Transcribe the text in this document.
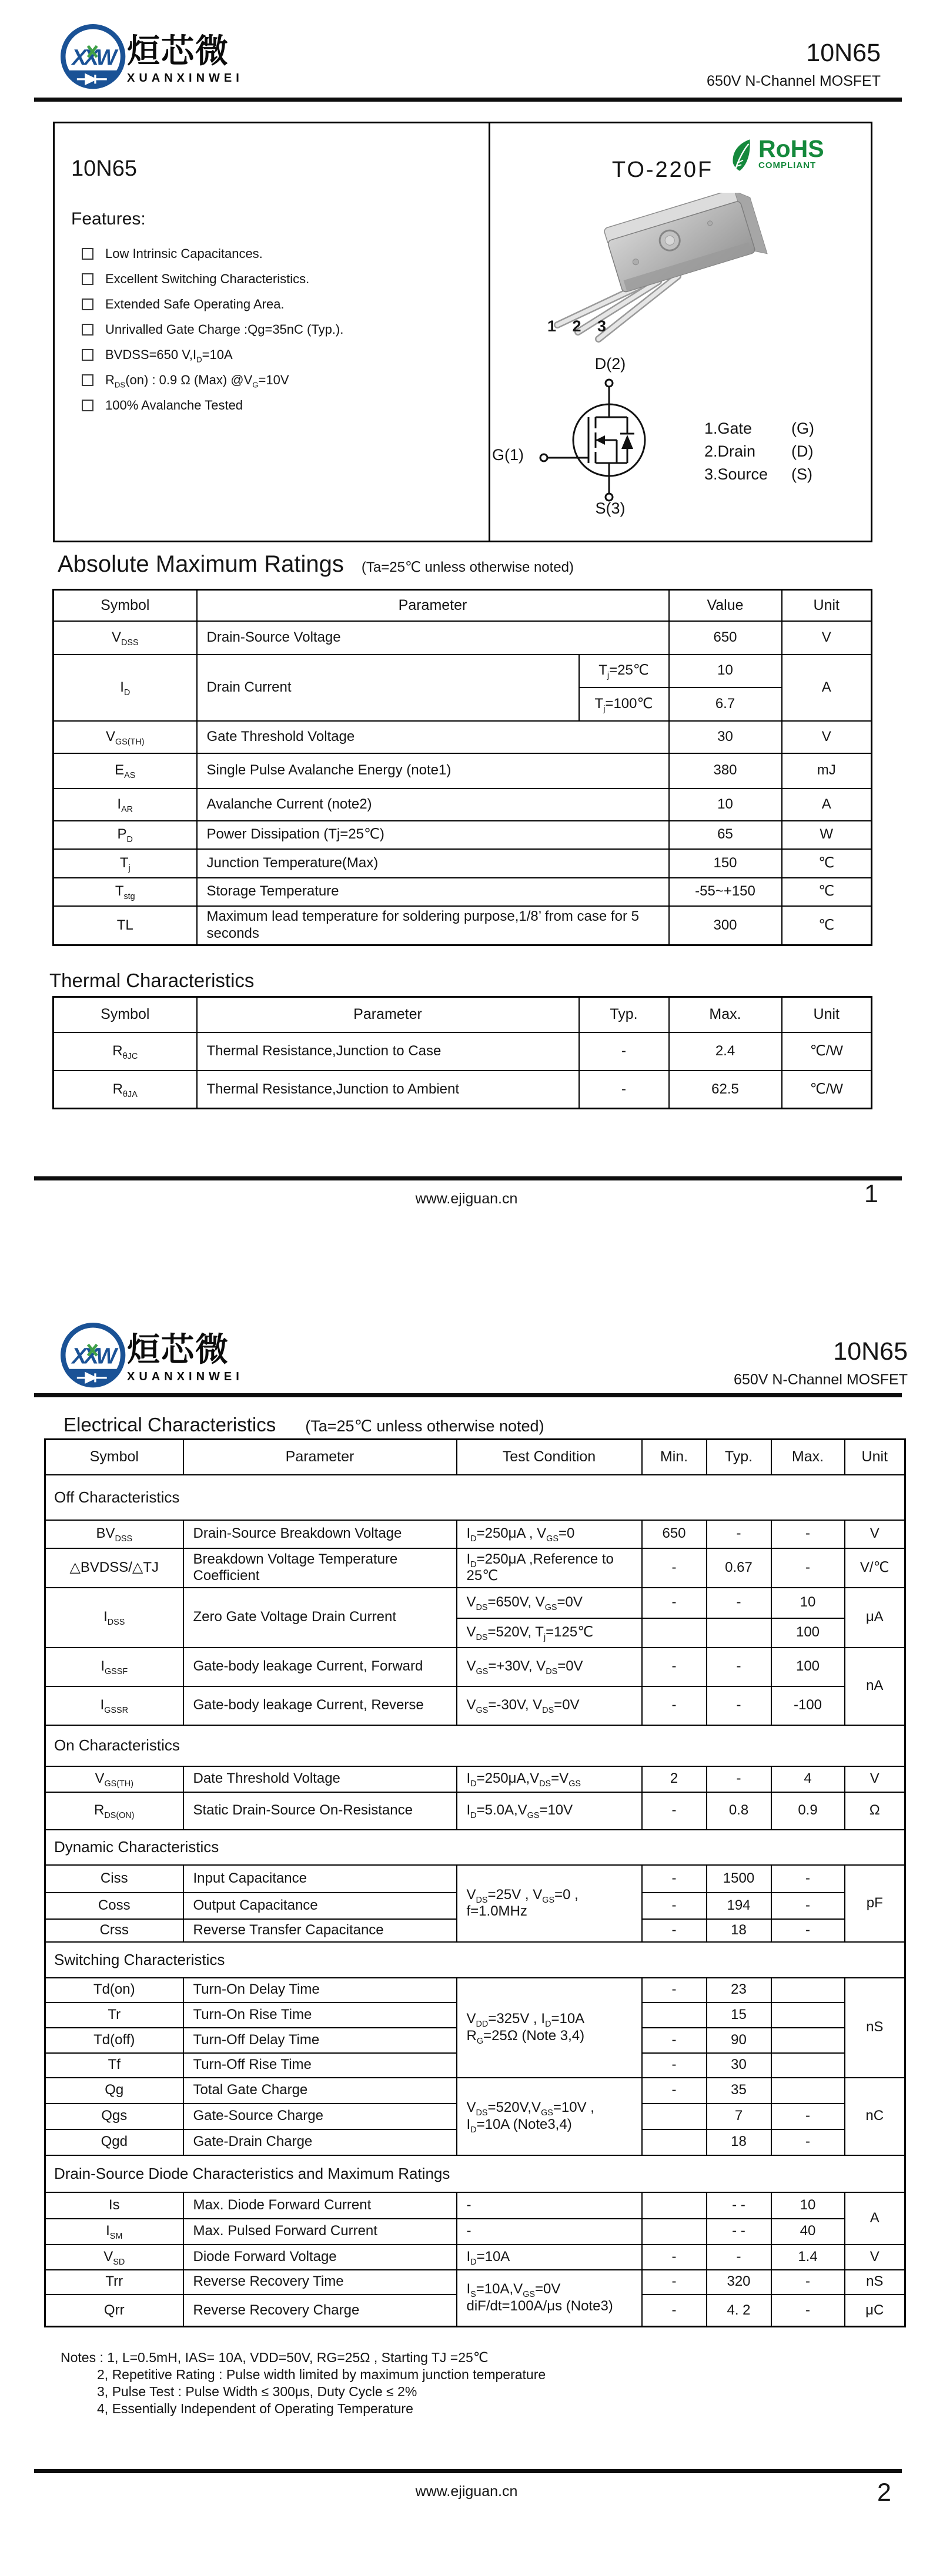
XXW 烜芯微
XUANXINWEI
10N65
650V N-Channel MOSFET
10N65
Features:
Low Intrinsic Capacitances.
Excellent Switching Characteristics.
Extended Safe Operating Area.
Unrivalled Gate Charge :Qg=35nC (Typ.).
BVDSS=650 $V,I_D=10A$
$R_{DS}(on)$ : 0.9 Ω (Max) $@V_G=10V$
100% Avalanche Tested
TO-220F
RoHS
COMPLIANT
1 2 3
D(2)
G(1)
S(3)
1.Gate	(G)
2.Drain	(D)
3.Source	(S)
Absolute Maximum Ratings (Ta=25℃ unless otherwise noted)
Symbol	Parameter		Value	Unit
$V_{DSS}$	Drain-Source Voltage		650	V
$I_D$	Drain Current	$T_j=25℃$	10	A
		$T_j=100℃$	6.7	
$V_{GS(TH)}$	Gate Threshold Voltage		30	V
$E_{AS}$	Single Pulse Avalanche Energy (note1)		380	mJ
$I_{AR}$	Avalanche Current (note2)		10	A
$P_D$	Power Dissipation (Tj=25℃)		65	W
$T_j$	Junction Temperature(Max)		150	℃
$T_{stg}$	Storage Temperature		-55~+150	℃
TL	Maximum lead temperature for soldering purpose,1/8’ from case for 5 seconds		300	℃
Thermal Characteristics
Symbol	Parameter	Typ.	Max.	Unit
$R_{\theta JC}$	Thermal Resistance,Junction to Case	-	2.4	℃/W
$R_{\theta JA}$	Thermal Resistance,Junction to Ambient	-	62.5	℃/W
www.ejiguan.cn	1
XXW 烜芯微
XUANXINWEI
10N65
650V N-Channel MOSFET
Electrical Characteristics (Ta=25℃ unless otherwise noted)
Symbol	Parameter	Test Condition	Min.	Typ.	Max.	Unit
Off Characteristics						
$BV_{DSS}$	Drain-Source Breakdown Voltage	$I_D=250\mu A$ , $V_{GS}=0$	650	-	-	V
△BVDSS/△TJ	Breakdown Voltage Temperature Coefficient	$I_D=250\mu A$ ,Reference to 25℃	-	0.67	-	V/℃
$I_{DSS}$	Zero Gate Voltage Drain Current	$V_{DS}=650V$, $V_{GS}=0V$	-	-	10	μA
		$V_{DS}=520V$, $T_j=125℃$			100	
$I_{GSSF}$	Gate-body leakage Current, Forward	$V_{GS}=+30V$, $V_{DS}=0V$	-	-	100	nA
$I_{GSSR}$	Gate-body leakage Current, Reverse	$V_{GS}=-30V$, $V_{DS}=0V$	-	-	-100	
On Characteristics						
$V_{GS(TH)}$	Date Threshold Voltage	$I_D=250\mu A,V_{DS}=V_{GS}$	2	-	4	V
$R_{DS(ON)}$	Static Drain-Source On-Resistance	$I_D=5.0A,V_{GS}=10V$	-	0.8	0.9	Ω
Dynamic Characteristics						
Ciss	Input Capacitance	$V_{DS}=25V$ , $V_{GS}=0$ , f=1.0MHz	-	1500	-	pF
Coss	Output Capacitance		-	194	-	
Crss	Reverse Transfer Capacitance		-	18	-	
Switching Characteristics						
Td(on)	Turn-On Delay Time	$V_{DD}=325V$ , $I_D=10A$ $R_G=25\Omega$ (Note 3,4)	-	23		nS
Tr	Turn-On Rise Time			15		
Td(off)	Turn-Off Delay Time		-	90		
Tf	Turn-Off Rise Time		-	30		
Qg	Total Gate Charge	$V_{DS}=520V,V_{GS}=10V$ , $I_D=10A$ (Note3,4)	-	35		nC
Qgs	Gate-Source Charge			7	-	
Qgd	Gate-Drain Charge			18	-	
Drain-Source Diode Characteristics and Maximum Ratings						
Is	Max. Diode Forward Current	-		- -	10	A
$I_{SM}$	Max. Pulsed Forward Current	-		- -	40	
$V_{SD}$	Diode Forward Voltage	$I_D=10A$	-	-	1.4	V
Trr	Reverse Recovery Time	$I_S=10A,V_{GS}=0V$ diF/dt=100A/μs (Note3)	-	320	-	nS
Qrr	Reverse Recovery Charge		-	4. 2	-	μC
Notes : 1, L=0.5mH, IAS= 10A, VDD=50V, RG=25Ω , Starting TJ =25℃
2, Repetitive Rating : Pulse width limited by maximum junction temperature
3, Pulse Test : Pulse Width ≤ 300μs, Duty Cycle ≤ 2%
4, Essentially Independent of Operating Temperature
www.ejiguan.cn	2
